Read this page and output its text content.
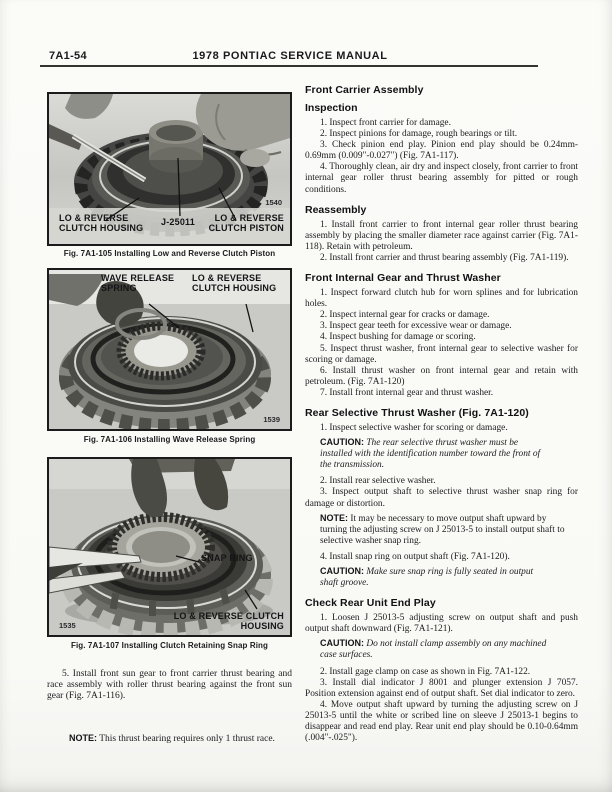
7A1-54	1978 PONTIAC SERVICE MANUAL
LO & REVERSE CLUTCH HOUSING
J-25011	LO & REVERSE CLUTCH PISTON
1540
Fig. 7A1-105 Installing Low and Reverse Clutch Piston
WAVE RELEASE SPRING
LO & REVERSE CLUTCH HOUSING
1539
Fig. 7A1-106 Installing Wave Release Spring
SNAP RING
LO & REVERSE CLUTCH HOUSING
1535
Fig. 7A1-107 Installing Clutch Retaining Snap Ring

5. Install front sun gear to front carrier thrust bearing and race assembly with roller thrust bearing against the front sun gear (Fig. 7A1-116).

NOTE: This thrust bearing requires only 1 thrust race.

Front Carrier Assembly
Inspection

1. Inspect front carrier for damage.

2. Inspect pinions for damage, rough bearings or tilt.

3. Check pinion end play. Pinion end play should be 0.24mm-0.69mm (0.009"-0.027") (Fig. 7A1-117).

4. Thoroughly clean, air dry and inspect closely, front carrier to front internal gear roller thrust bearing assembly for pitted or rough conditions.

Reassembly

1. Install front carrier to front internal gear roller thrust bearing assembly by placing the smaller diameter race against carrier (Fig. 7A1-118). Retain with petroleum.

2. Install front carrier and thrust bearing assembly (Fig. 7A1-119).

Front Internal Gear and Thrust Washer

1. Inspect forward clutch hub for worn splines and for lubrication holes.

2. Inspect internal gear for cracks or damage.

3. Inspect gear teeth for excessive wear or damage.

4. Inspect bushing for damage or scoring.

5. Inspect thrust washer, front internal gear to selective washer for scoring or damage.

6. Install thrust washer on front internal gear and retain with petroleum. (Fig. 7A1-120)

7. Install front internal gear and thrust washer.

Rear Selective Thrust Washer (Fig. 7A1-120)

1. Inspect selective washer for scoring or damage.

CAUTION: The rear selective thrust washer must be installed with the identification number toward the front of the transmission.

2. Install rear selective washer.

3. Inspect output shaft to selective thrust washer snap ring for damage or distortion.

NOTE: It may be necessary to move output shaft upward by turning the adjusting screw on J 25013-5 to install output shaft to selective washer snap ring.

4. Install snap ring on output shaft (Fig. 7A1-120).

CAUTION: Make sure snap ring is fully seated in output shaft groove.

Check Rear Unit End Play

1. Loosen J 25013-5 adjusting screw on output shaft and push output shaft downward (Fig. 7A1-121).

CAUTION: Do not install clamp assembly on any machined case surfaces.

2. Install gage clamp on case as shown in Fig. 7A1-122.

3. Install dial indicator J 8001 and plunger extension J 7057. Position extension against end of output shaft. Set dial indicator to zero.

4. Move output shaft upward by turning the adjusting screw on J 25013-5 until the white or scribed line on sleeve J 25013-1 begins to disappear and read end play. Rear unit end play should be 0.10-0.64mm (.004"-.025").
